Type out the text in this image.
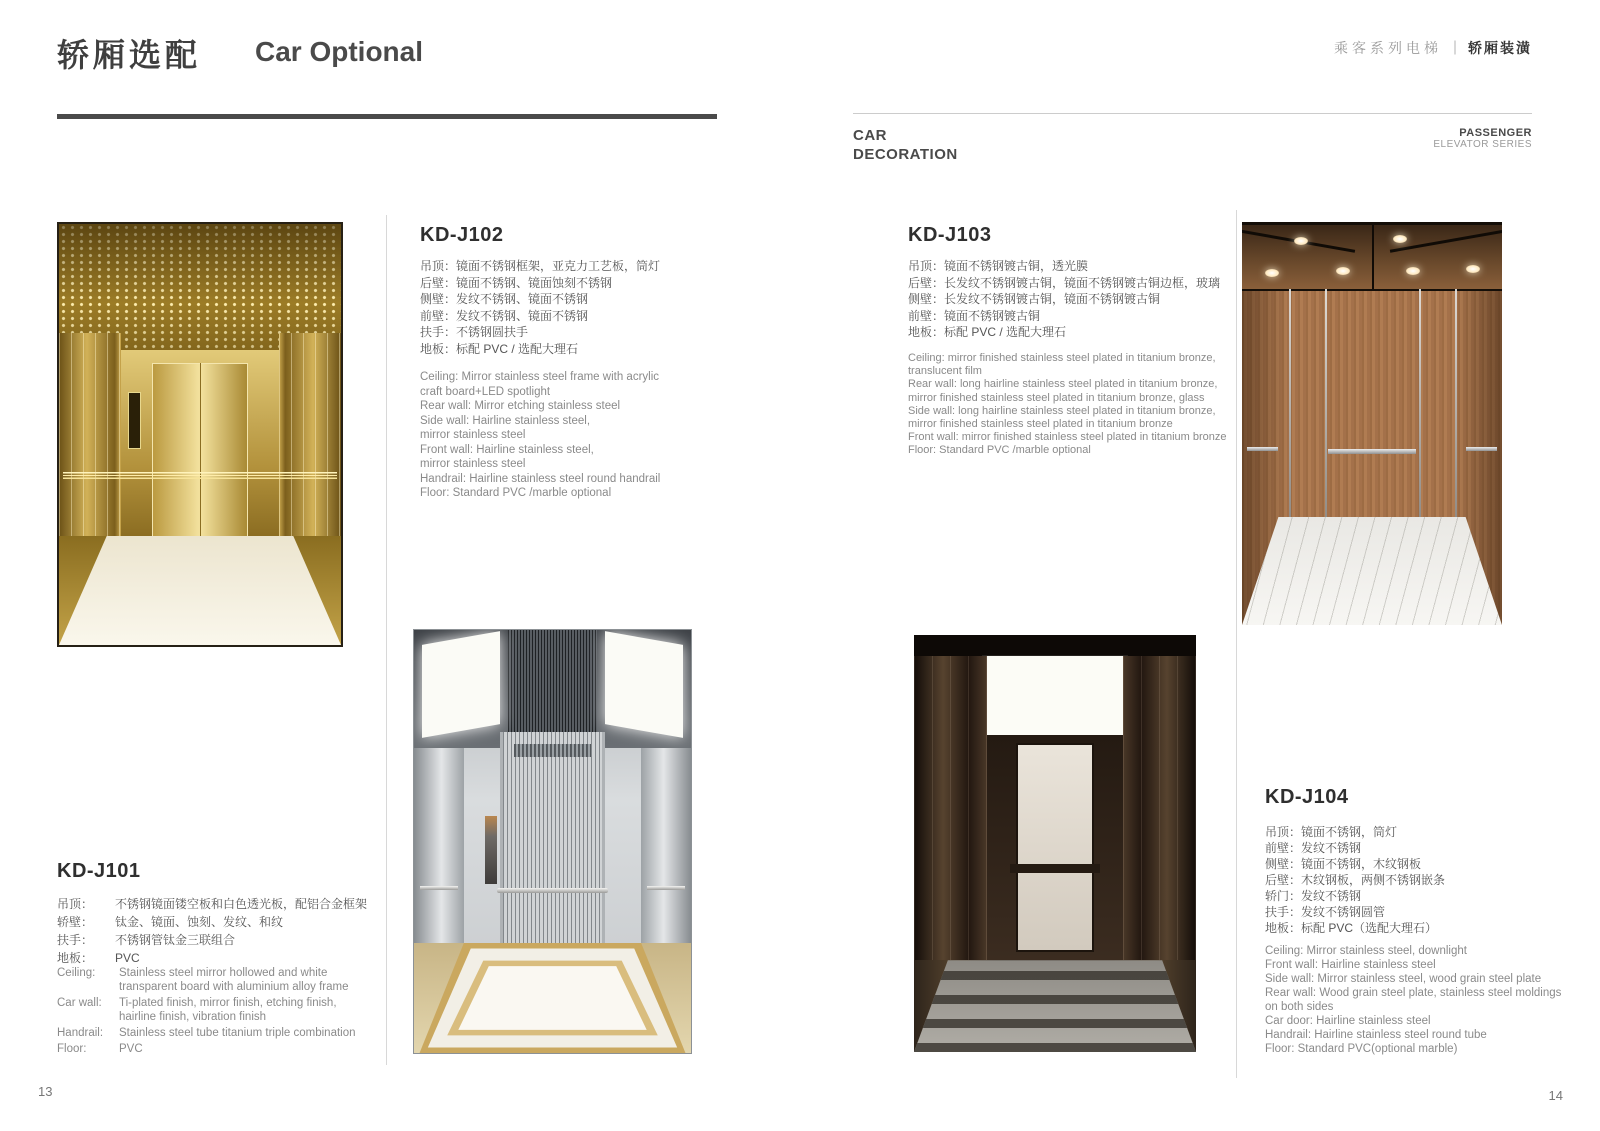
轿厢选配 Car Optional	乘客系列电梯 ｜ 轿厢装潢
CAR
DECORATION
PASSENGER
ELEVATOR SERIES
KD-J101
吊顶：	不锈钢镜面镂空板和白色透光板，配铝合金框架
轿壁：	钛金、镜面、蚀刻、发纹、和纹
扶手：	不锈钢管钛金三联组合
地板：	PVC
Ceiling:	Stainless steel mirror hollowed and white
transparent board with aluminium alloy frame
Car wall:	Ti-plated finish, mirror finish, etching finish,
hairline finish, vibration finish
Handrail:	Stainless steel tube titanium triple combination
Floor:	PVC
KD-J102
吊顶：镜面不锈钢框架，亚克力工艺板，筒灯
后壁：镜面不锈钢、镜面蚀刻不锈钢
侧壁：发纹不锈钢、镜面不锈钢
前壁：发纹不锈钢、镜面不锈钢
扶手：不锈钢圆扶手
地板：标配 PVC / 选配大理石
Ceiling: Mirror stainless steel frame with acrylic
craft board+LED spotlight
Rear wall: Mirror etching stainless steel
Side wall: Hairline stainless steel,
mirror stainless steel
Front wall: Hairline stainless steel,
mirror stainless steel
Handrail: Hairline stainless steel round handrail
Floor: Standard PVC /marble optional
KD-J103
吊顶：镜面不锈钢镀古铜，透光膜
后壁：长发纹不锈钢镀古铜，镜面不锈钢镀古铜边框，玻璃
侧壁：长发纹不锈钢镀古铜，镜面不锈钢镀古铜
前壁：镜面不锈钢镀古铜
地板：标配 PVC / 选配大理石
Ceiling: mirror finished stainless steel plated in titanium bronze,
translucent film
Rear wall: long hairline stainless steel plated in titanium bronze,
mirror finished stainless steel plated in titanium bronze, glass
Side wall: long hairline stainless steel plated in titanium bronze,
mirror finished stainless steel plated in titanium bronze
Front wall: mirror finished stainless steel plated in titanium bronze
Floor: Standard PVC /marble optional
KD-J104
吊顶：镜面不锈钢，筒灯
前壁：发纹不锈钢
侧壁：镜面不锈钢，木纹钢板
后壁：木纹钢板，两侧不锈钢嵌条
轿门：发纹不锈钢
扶手：发纹不锈钢圆管
地板：标配 PVC（选配大理石）
Ceiling: Mirror stainless steel, downlight
Front wall: Hairline stainless steel
Side wall: Mirror stainless steel, wood grain steel plate
Rear wall: Wood grain steel plate, stainless steel moldings
on both sides
Car door: Hairline stainless steel
Handrail: Hairline stainless steel round tube
Floor: Standard PVC(optional marble)
13	14
